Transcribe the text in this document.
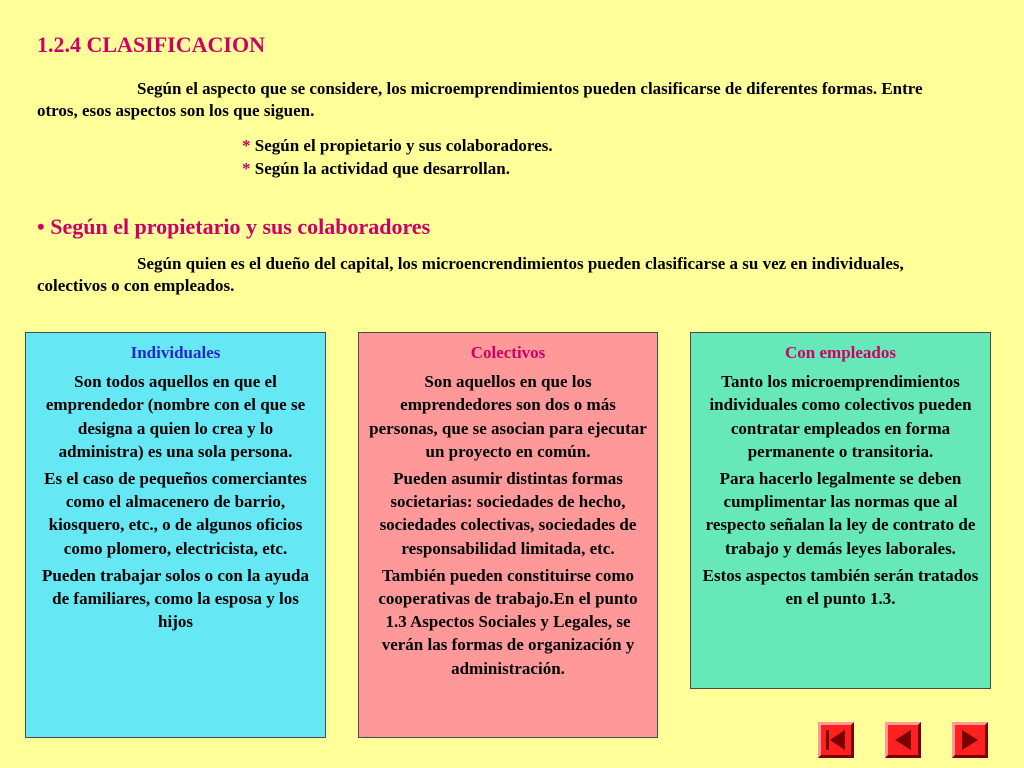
1.2.4 CLASIFICACION
Según el aspecto que se considere, los microemprendimientos pueden clasificarse de diferentes formas. Entre otros, esos aspectos son los que siguen.
* Según el propietario y sus colaboradores.
* Según la actividad que desarrollan.
• Según el propietario y sus colaboradores
Según quien es el dueño del capital, los microencrendimientos pueden clasificarse a su vez en individuales, colectivos o con empleados.

Individuales

Son todos aquellos en que el emprendedor (nombre con el que se designa a quien lo crea y lo administra) es una sola persona.

Es el caso de pequeños comerciantes como el almacenero de barrio, kiosquero, etc., o de algunos oficios como plomero, electricista, etc.

Pueden trabajar solos o con la ayuda de familiares, como la esposa y los hijos

Colectivos

Son aquellos en que los emprendedores son dos o más personas, que se asocian para ejecutar un proyecto en común.

Pueden asumir distintas formas societarias: sociedades de hecho, sociedades colectivas, sociedades de responsabilidad limitada, etc.

También pueden constituirse como cooperativas de trabajo.En el punto 1.3 Aspectos Sociales y Legales, se verán las formas de organización y administración.

Con empleados

Tanto los microemprendimientos individuales como colectivos pueden contratar empleados en forma permanente o transitoria.

Para hacerlo legalmente se deben cumplimentar las normas que al respecto señalan la ley de contrato de trabajo y demás leyes laborales.

Estos aspectos también serán tratados en el punto 1.3.
